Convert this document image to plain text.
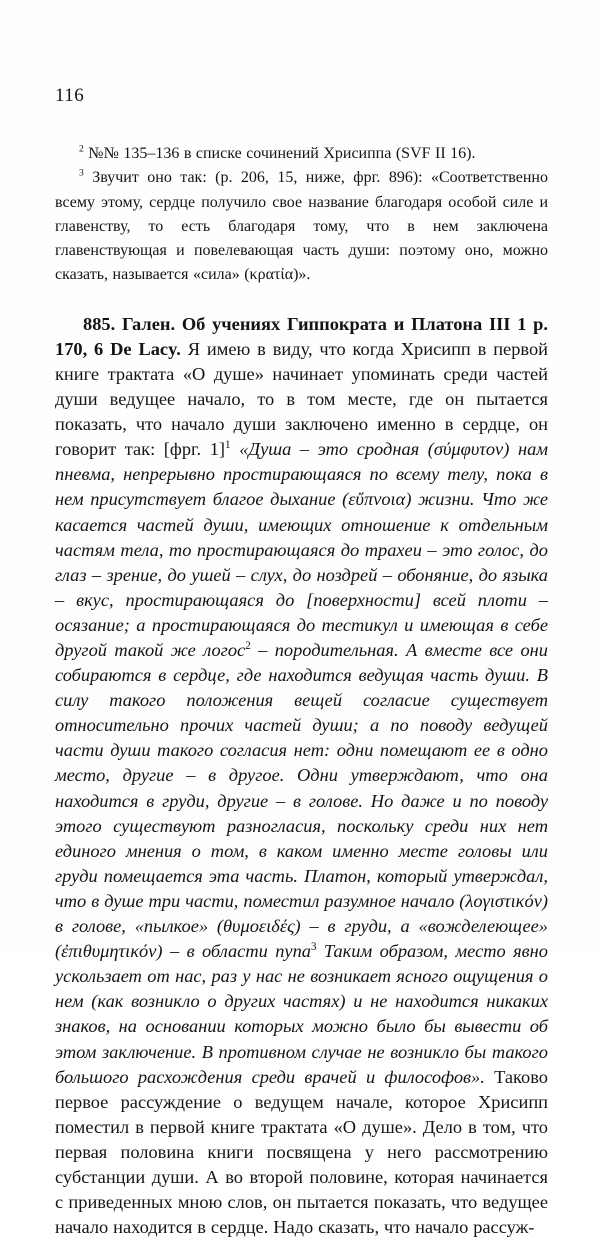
116

$^2$ №№ 135–136 в списке сочинений Хрисиппа (SVF II 16).

$^3$ Звучит оно так: (р. 206, 15, ниже, фрг. 896): «Соответственно всему этому, сердце получило свое название благодаря особой силе и главенству, то есть благодаря тому, что в нем заключена главенствующая и повелевающая часть души: поэтому оно, можно сказать, называется «сила» (κρατία)».

885. Гален. Об учениях Гиппократа и Платона III 1 р. 170, 6 De Lacy. Я имею в виду, что когда Хрисипп в первой книге трактата «О душе» начинает упоминать среди частей души ведущее начало, то в том месте, где он пытается показать, что начало души заключено именно в сердце, он говорит так: [фрг. 1]$^1$ «Душа – это сродная (σύμφυτον) нам пневма, непрерывно простирающаяся по всему телу, пока в нем присутствует благое дыхание (εὔπνοια) жизни. Что же касается частей души, имеющих отношение к отдельным частям тела, то простирающаяся до трахеи – это голос, до глаз – зрение, до ушей – слух, до ноздрей – обоняние, до языка – вкус, простирающаяся до [поверхности] всей плоти – осязание; а простирающаяся до тестикул и имеющая в себе другой такой же логос$^2$ – породительная. А вместе все они собираются в сердце, где находится ведущая часть души. В силу такого положения вещей согласие существует относительно прочих частей души; а по поводу ведущей части души такого согласия нет: одни помещают ее в одно место, другие – в другое. Одни утверждают, что она находится в груди, другие – в голове. Но даже и по поводу этого существуют разногласия, поскольку среди них нет единого мнения о том, в каком именно месте головы или груди помещается эта часть. Платон, который утверждал, что в душе три части, поместил разумное начало (λογιστικόν) в голове, «пылкое» (θυμοειδές) – в груди, а «вожделеющее» (ἐπιθυμητικόν) – в области пупа$^3$ Таким образом, место явно ускользает от нас, раз у нас не возникает ясного ощущения о нем (как возникло о других частях) и не находится никаких знаков, на основании которых можно было бы вывести об этом заключение. В противном случае не возникло бы такого большого расхождения среди врачей и философов». Таково первое рассуждение о ведущем начале, которое Хрисипп поместил в первой книге трактата «О душе». Дело в том, что первая половина книги посвящена у него рассмотрению субстанции души. А во второй половине, которая начинается с приведенных мною слов, он пытается показать, что ведущее начало находится в сердце. Надо сказать, что начало рассуж-
